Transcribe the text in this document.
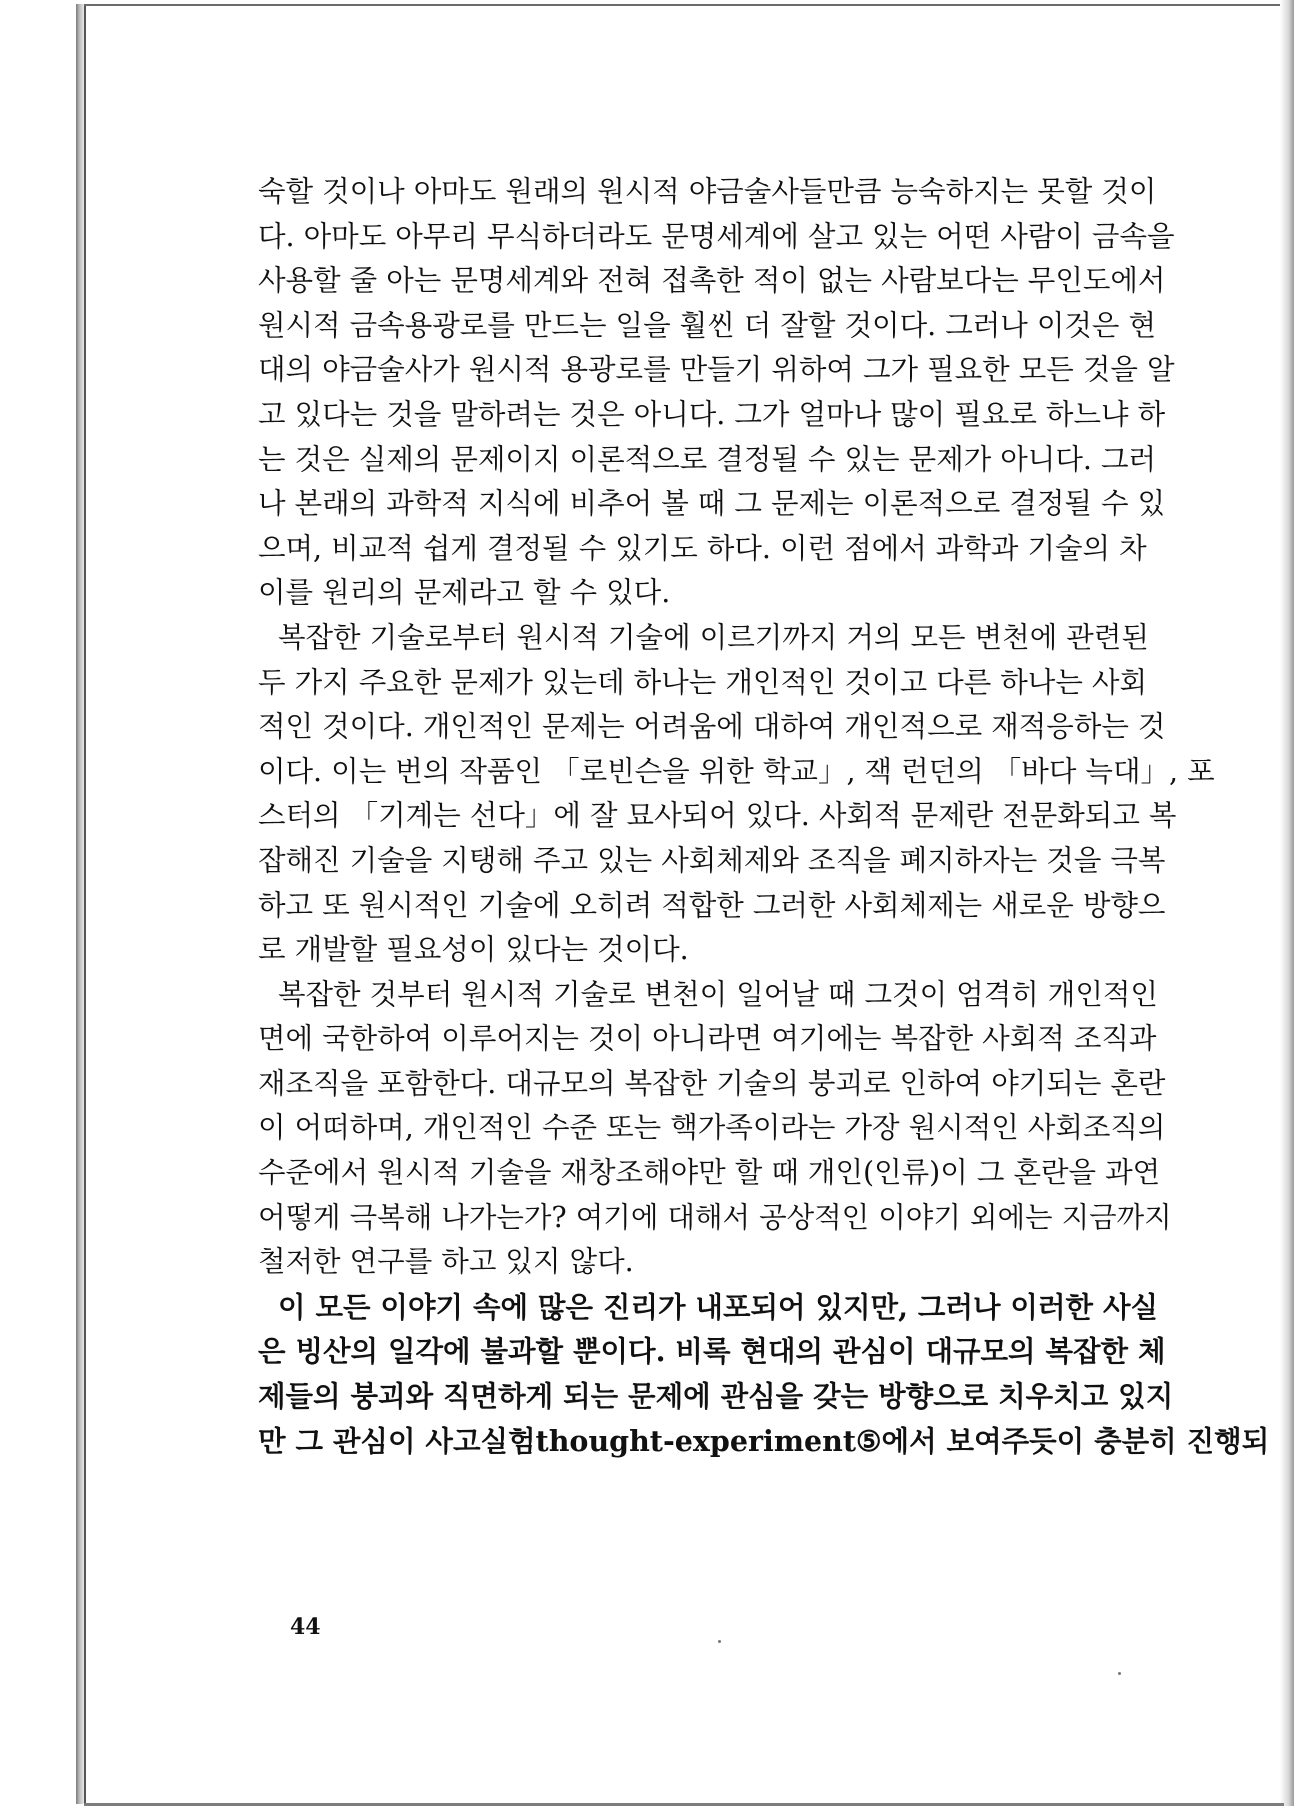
숙할 것이나 아마도 원래의 원시적 야금술사들만큼 능숙하지는 못할 것이
다. 아마도 아무리 무식하더라도 문명세계에 살고 있는 어떤 사람이 금속을
사용할 줄 아는 문명세계와 전혀 접촉한 적이 없는 사람보다는 무인도에서
원시적 금속용광로를 만드는 일을 훨씬 더 잘할 것이다. 그러나 이것은 현
대의 야금술사가 원시적 용광로를 만들기 위하여 그가 필요한 모든 것을 알
고 있다는 것을 말하려는 것은 아니다. 그가 얼마나 많이 필요로 하느냐 하
는 것은 실제의 문제이지 이론적으로 결정될 수 있는 문제가 아니다. 그러
나 본래의 과학적 지식에 비추어 볼 때 그 문제는 이론적으로 결정될 수 있
으며, 비교적 쉽게 결정될 수 있기도 하다. 이런 점에서 과학과 기술의 차
이를 원리의 문제라고 할 수 있다.
복잡한 기술로부터 원시적 기술에 이르기까지 거의 모든 변천에 관련된
두 가지 주요한 문제가 있는데 하나는 개인적인 것이고 다른 하나는 사회
적인 것이다. 개인적인 문제는 어려움에 대하여 개인적으로 재적응하는 것
이다. 이는 번의 작품인 「로빈슨을 위한 학교」, 잭 런던의 「바다 늑대」, 포
스터의 「기계는 선다」에 잘 묘사되어 있다. 사회적 문제란 전문화되고 복
잡해진 기술을 지탱해 주고 있는 사회체제와 조직을 폐지하자는 것을 극복
하고 또 원시적인 기술에 오히려 적합한 그러한 사회체제는 새로운 방향으
로 개발할 필요성이 있다는 것이다.
복잡한 것부터 원시적 기술로 변천이 일어날 때 그것이 엄격히 개인적인
면에 국한하여 이루어지는 것이 아니라면 여기에는 복잡한 사회적 조직과
재조직을 포함한다. 대규모의 복잡한 기술의 붕괴로 인하여 야기되는 혼란
이 어떠하며, 개인적인 수준 또는 핵가족이라는 가장 원시적인 사회조직의
수준에서 원시적 기술을 재창조해야만 할 때 개인(인류)이 그 혼란을 과연
어떻게 극복해 나가는가? 여기에 대해서 공상적인 이야기 외에는 지금까지
철저한 연구를 하고 있지 않다.
이 모든 이야기 속에 많은 진리가 내포되어 있지만, 그러나 이러한 사실
은 빙산의 일각에 불과할 뿐이다. 비록 현대의 관심이 대규모의 복잡한 체
제들의 붕괴와 직면하게 되는 문제에 관심을 갖는 방향으로 치우치고 있지
만 그 관심이 사고실험thought-experiment⑤에서 보여주듯이 충분히 진행되
44
